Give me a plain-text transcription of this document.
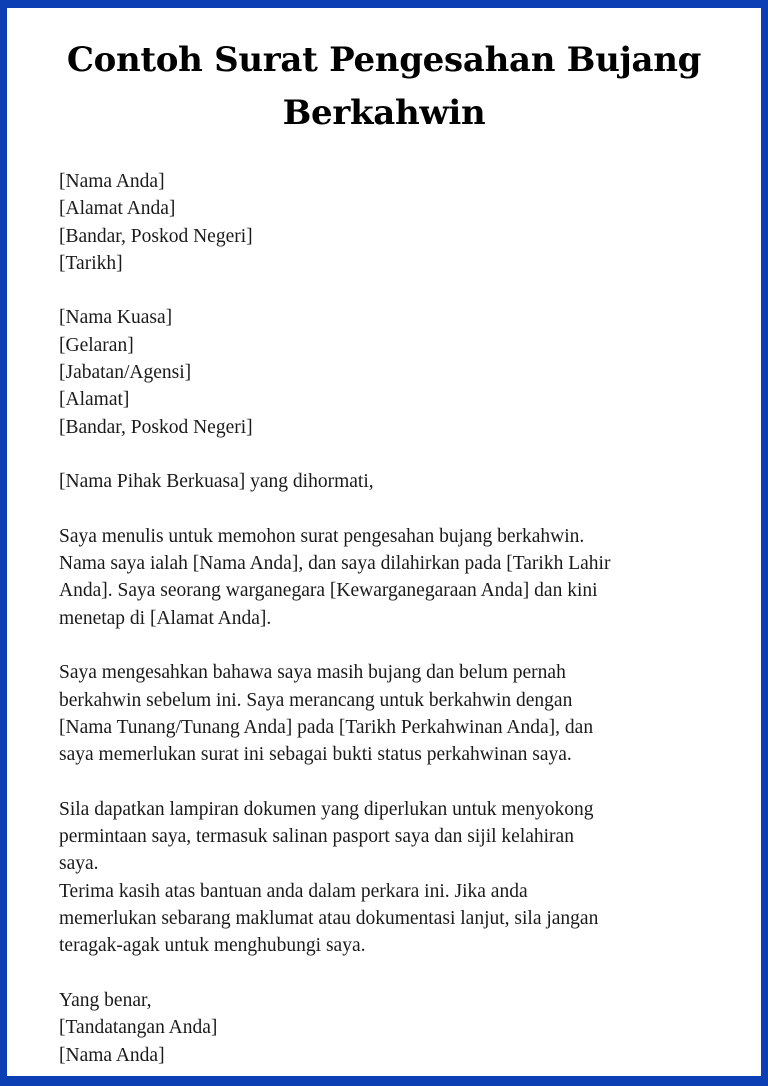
Contoh Surat Pengesahan Bujang
Berkahwin
[Nama Anda]
[Alamat Anda]
[Bandar, Poskod Negeri]
[Tarikh]
[Nama Kuasa]
[Gelaran]
[Jabatan/Agensi]
[Alamat]
[Bandar, Poskod Negeri]
[Nama Pihak Berkuasa] yang dihormati,
Saya menulis untuk memohon surat pengesahan bujang berkahwin.
Nama saya ialah [Nama Anda], dan saya dilahirkan pada [Tarikh Lahir
Anda]. Saya seorang warganegara [Kewarganegaraan Anda] dan kini
menetap di [Alamat Anda].
Saya mengesahkan bahawa saya masih bujang dan belum pernah
berkahwin sebelum ini. Saya merancang untuk berkahwin dengan
[Nama Tunang/Tunang Anda] pada [Tarikh Perkahwinan Anda], dan
saya memerlukan surat ini sebagai bukti status perkahwinan saya.
Sila dapatkan lampiran dokumen yang diperlukan untuk menyokong
permintaan saya, termasuk salinan pasport saya dan sijil kelahiran
saya.
Terima kasih atas bantuan anda dalam perkara ini. Jika anda
memerlukan sebarang maklumat atau dokumentasi lanjut, sila jangan
teragak-agak untuk menghubungi saya.
Yang benar,
[Tandatangan Anda]
[Nama Anda]
